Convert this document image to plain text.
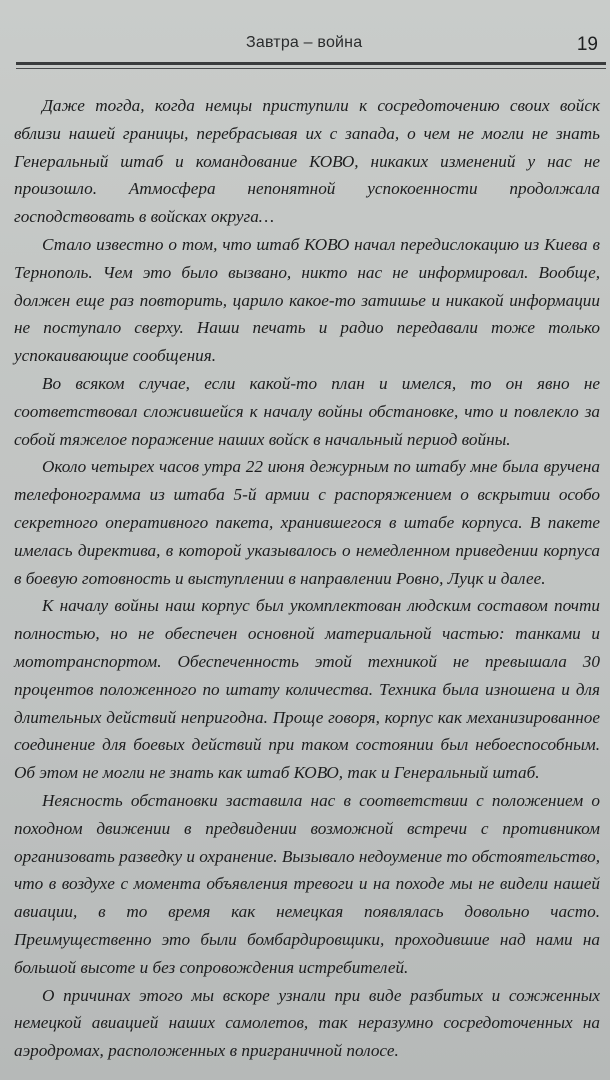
Завтра – война	19

Даже тогда, когда немцы приступили к сосредоточению своих войск вблизи нашей границы, перебрасывая их с запада, о чем не могли не знать Генеральный штаб и командование КОВО, никаких изменений у нас не произошло. Атмосфера непонятной успокоенности продолжала господствовать в войсках округа…

Стало известно о том, что штаб КОВО начал передислокацию из Киева в Тернополь. Чем это было вызвано, никто нас не информировал. Вообще, должен еще раз повторить, царило какое-то затишье и никакой информации не поступало сверху. Наши печать и радио передавали тоже только успокаивающие сообщения.

Во всяком случае, если какой-то план и имелся, то он явно не соответствовал сложившейся к началу войны обстановке, что и повлекло за собой тяжелое поражение наших войск в начальный период войны.

Около четырех часов утра 22 июня дежурным по штабу мне была вручена телефонограмма из штаба 5-й армии с распоряжением о вскрытии особо секретного оперативного пакета, хранившегося в штабе корпуса. В пакете имелась директива, в которой указывалось о немедленном приведении корпуса в боевую готовность и выступлении в направлении Ровно, Луцк и далее.

К началу войны наш корпус был укомплектован людским составом почти полностью, но не обеспечен основной материальной частью: танками и мототранспортом. Обеспеченность этой техникой не превышала 30 процентов положенного по штату количества. Техника была изношена и для длительных действий непригодна. Проще говоря, корпус как механизированное соединение для боевых действий при таком состоянии был небоеспособным. Об этом не могли не знать как штаб КОВО, так и Генеральный штаб.

Неясность обстановки заставила нас в соответствии с положением о походном движении в предвидении возможной встречи с противником организовать разведку и охранение. Вызывало недоумение то обстоятельство, что в воздухе с момента объявления тревоги и на походе мы не видели нашей авиации, в то время как немецкая появлялась довольно часто. Преимущественно это были бомбардировщики, проходившие над нами на большой высоте и без сопровождения истребителей.

О причинах этого мы вскоре узнали при виде разбитых и сожженных немецкой авиацией наших самолетов, так неразумно сосредоточенных на аэродромах, расположенных в приграничной полосе.
